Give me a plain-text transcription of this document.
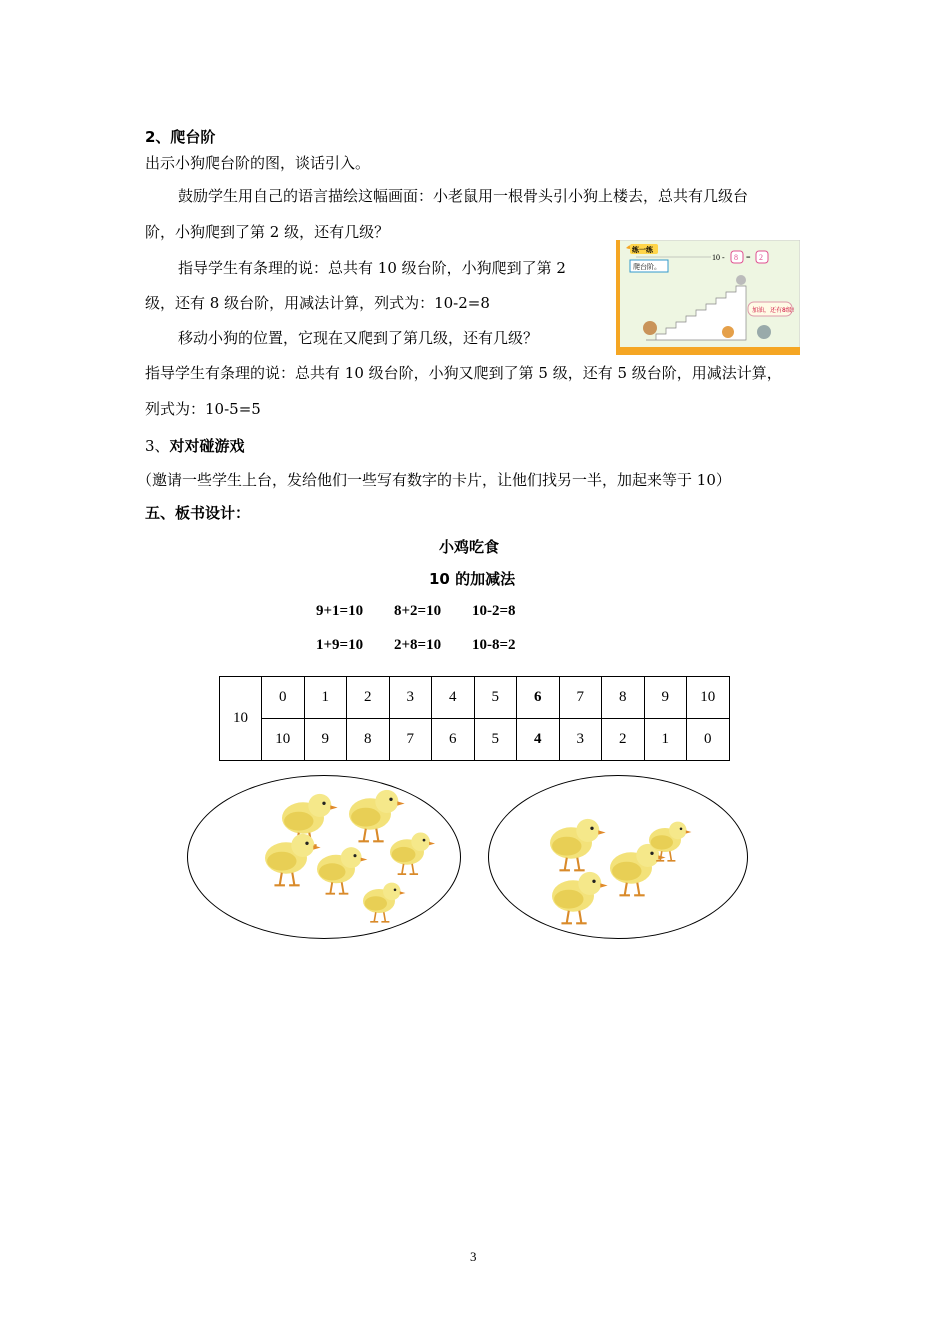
2、爬台阶
出示小狗爬台阶的图，谈话引入。
鼓励学生用自己的语言描绘这幅画面：小老鼠用一根骨头引小狗上楼去，总共有几级台
阶，小狗爬到了第 2 级，还有几级？
指导学生有条理的说：总共有 10 级台阶，小狗爬到了第 2
级，还有 8 级台阶，用减法计算，列式为：10-2=8
移动小狗的位置，它现在又爬到了第几级，还有几级？
指导学生有条理的说：总共有 10 级台阶，小狗又爬到了第 5 级，还有 5 级台阶，用减法计算，
列式为：10-5=5
练一练
爬台阶。
10 - 8 = 2
加油，还有8级!
3、对对碰游戏
（邀请一些学生上台，发给他们一些写有数字的卡片，让他们找另一半，加起来等于 10）
五、板书设计：
小鸡吃食
10 的加减法
9+1=10 8+2=10 10-2=8
1+9=10 2+8=10 10-8=2
10	0	1	2	3	4	5	6	7	8	9	10
	10	9	8	7	6	5	4	3	2	1	0
3
